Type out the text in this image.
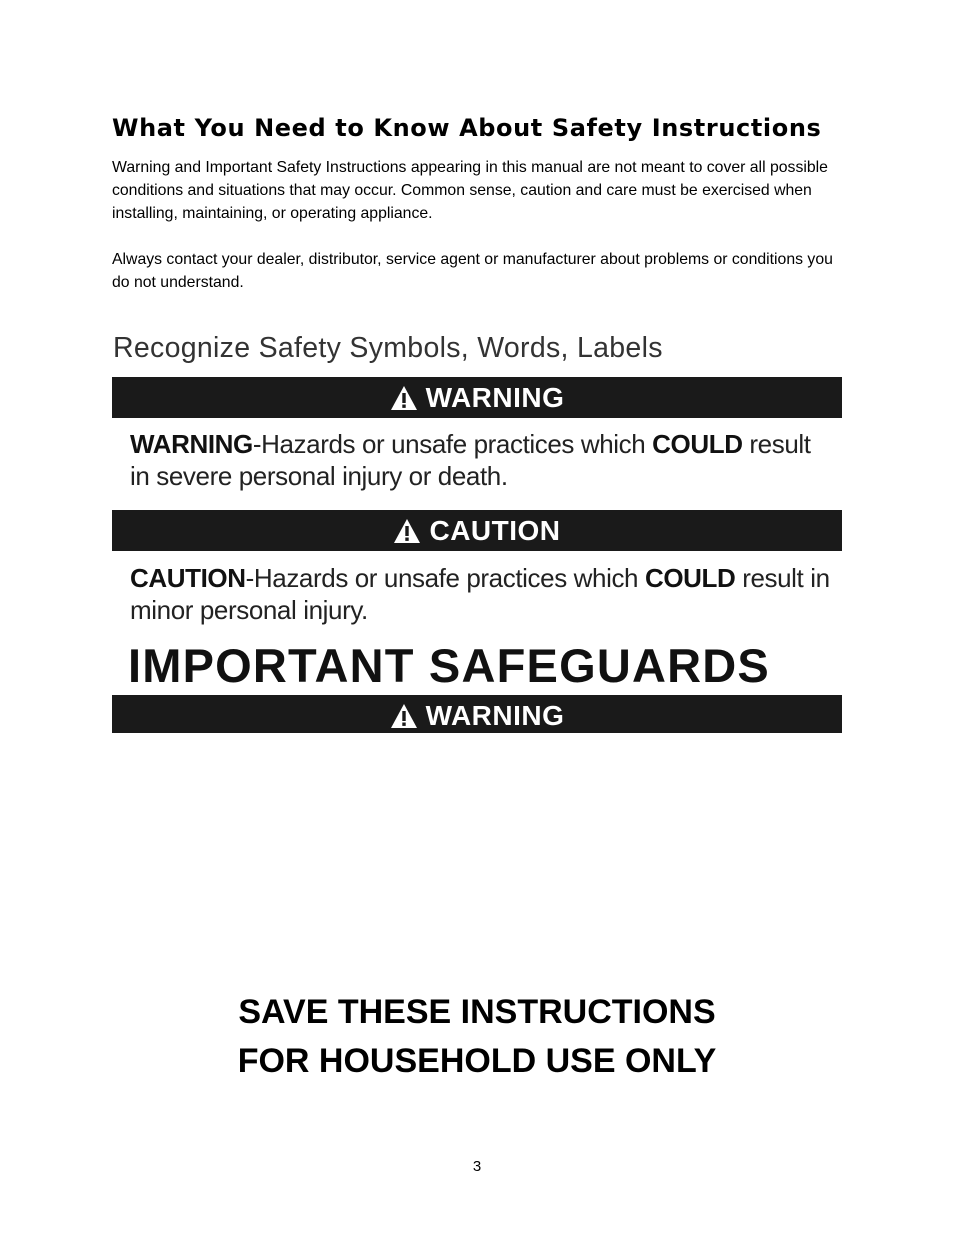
What You Need to Know About Safety Instructions
Warning and Important Safety Instructions appearing in this manual are not meant to cover all possible conditions and situations that may occur. Common sense, caution and care must be exercised when installing, maintaining, or operating appliance.
Always contact your dealer, distributor, service agent or manufacturer about problems or conditions you do not understand.
Recognize Safety Symbols, Words, Labels
WARNING
WARNING-Hazards or unsafe practices which COULD result in severe personal injury or death.
CAUTION
CAUTION-Hazards or unsafe practices which COULD result in minor personal injury.
IMPORTANT SAFEGUARDS
WARNING
SAVE THESE INSTRUCTIONS
FOR HOUSEHOLD USE ONLY
3
